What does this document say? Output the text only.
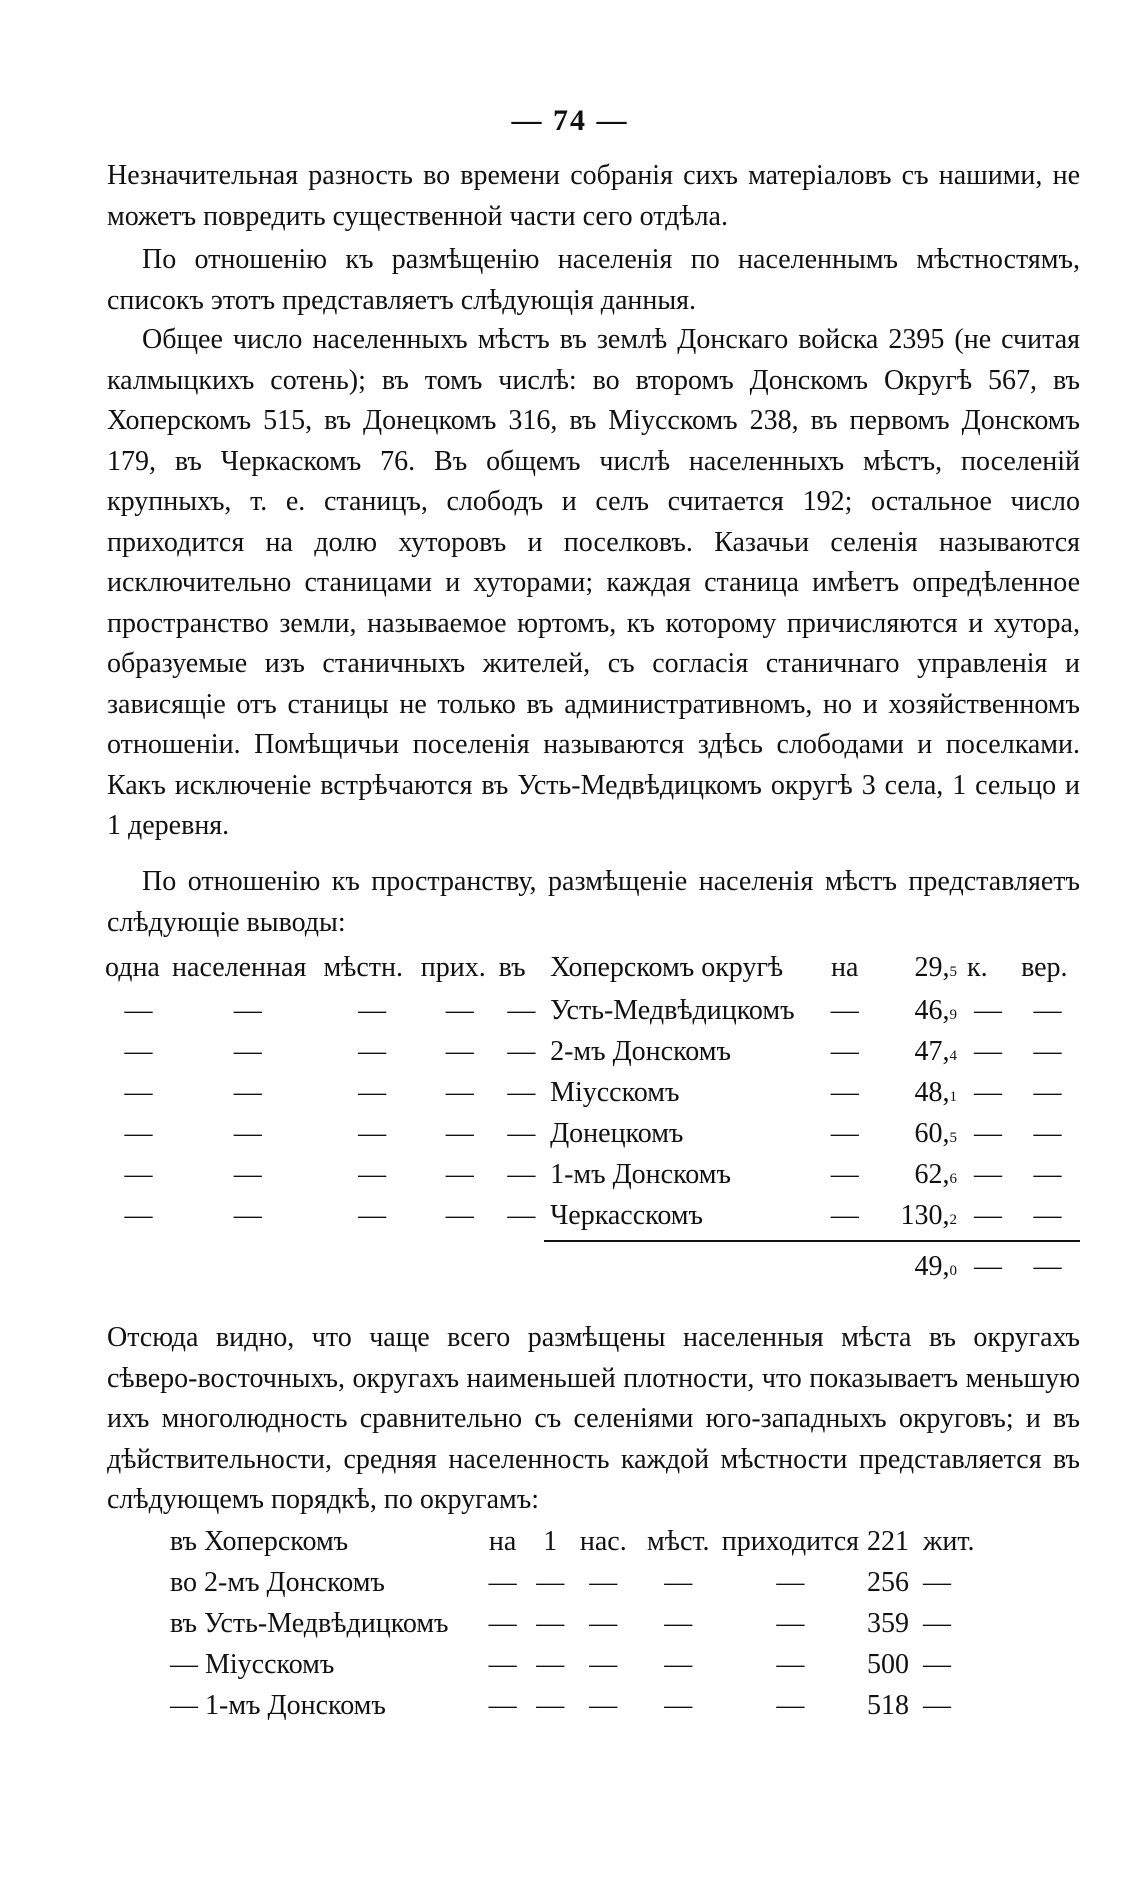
— 74 —

Незначительная разность во времени собранія сихъ матеріаловъ съ нашими, не можетъ повредить существенной части сего отдѣла.

По отношенію къ размѣщенію населенія по населеннымъ мѣстностямъ, списокъ этотъ представляетъ слѣдующія данныя.

Общее число населенныхъ мѣстъ въ землѣ Донскаго войска 2395 (не считая калмыцкихъ сотень); въ томъ числѣ: во второмъ Донскомъ Округѣ 567, въ Хоперскомъ 515, въ Донецкомъ 316, въ Міусскомъ 238, въ первомъ Донскомъ 179, въ Черкаскомъ 76. Въ общемъ числѣ населенныхъ мѣстъ, поселеній крупныхъ, т. е. станицъ, слободъ и селъ считается 192; остальное число приходится на долю хуторовъ и поселковъ. Казачьи селенія называются исключительно станицами и хуторами; каждая станица имѣетъ опредѣленное пространство земли, называемое юртомъ, къ которому причисляются и хутора, образуемые изъ станичныхъ жителей, съ согласія станичнаго управленія и зависящіе отъ станицы не только въ административномъ, но и хозяйственномъ отношеніи. Помѣщичьи поселенія называются здѣсь слободами и поселками. Какъ исключеніе встрѣчаются въ Усть-Медвѣдицкомъ округѣ 3 села, 1 сельцо и 1 деревня.

По отношенію къ пространству, размѣщеніе населенія мѣстъ представляетъ слѣдующіе выводы:

одна	населенная	мѣстн.	прих.	въ	Хоперскомъ округѣ	на	29,5	к.	вер.
—	—	—	—	—	Усть-Медвѣдицкомъ	—	46,9	—	—
—	—	—	—	—	2-мъ Донскомъ	—	47,4	—	—
—	—	—	—	—	Міусскомъ	—	48,1	—	—
—	—	—	—	—	Донецкомъ	—	60,5	—	—
—	—	—	—	—	1-мъ Донскомъ	—	62,6	—	—
—	—	—	—	—	Черкасскомъ	—	130,2	—	—

							49,0	—	—

Отсюда видно, что чаще всего размѣщены населенныя мѣста въ округахъ сѣверо-восточныхъ, округахъ наименьшей плотности, что показываетъ меньшую ихъ многолюдность сравнительно съ селеніями юго-западныхъ округовъ; и въ дѣйствительности, средняя населенность каждой мѣстности представляется въ слѣдующемъ порядкѣ, по округамъ:

въ Хоперскомъ	на	1	нас.	мѣст.	приходится	221	жит.
во 2-мъ Донскомъ	—	—	—	—	—	256	—
въ Усть-Медвѣдицкомъ	—	—	—	—	—	359	—
— Міусскомъ	—	—	—	—	—	500	—
— 1-мъ Донскомъ	—	—	—	—	—	518	—
